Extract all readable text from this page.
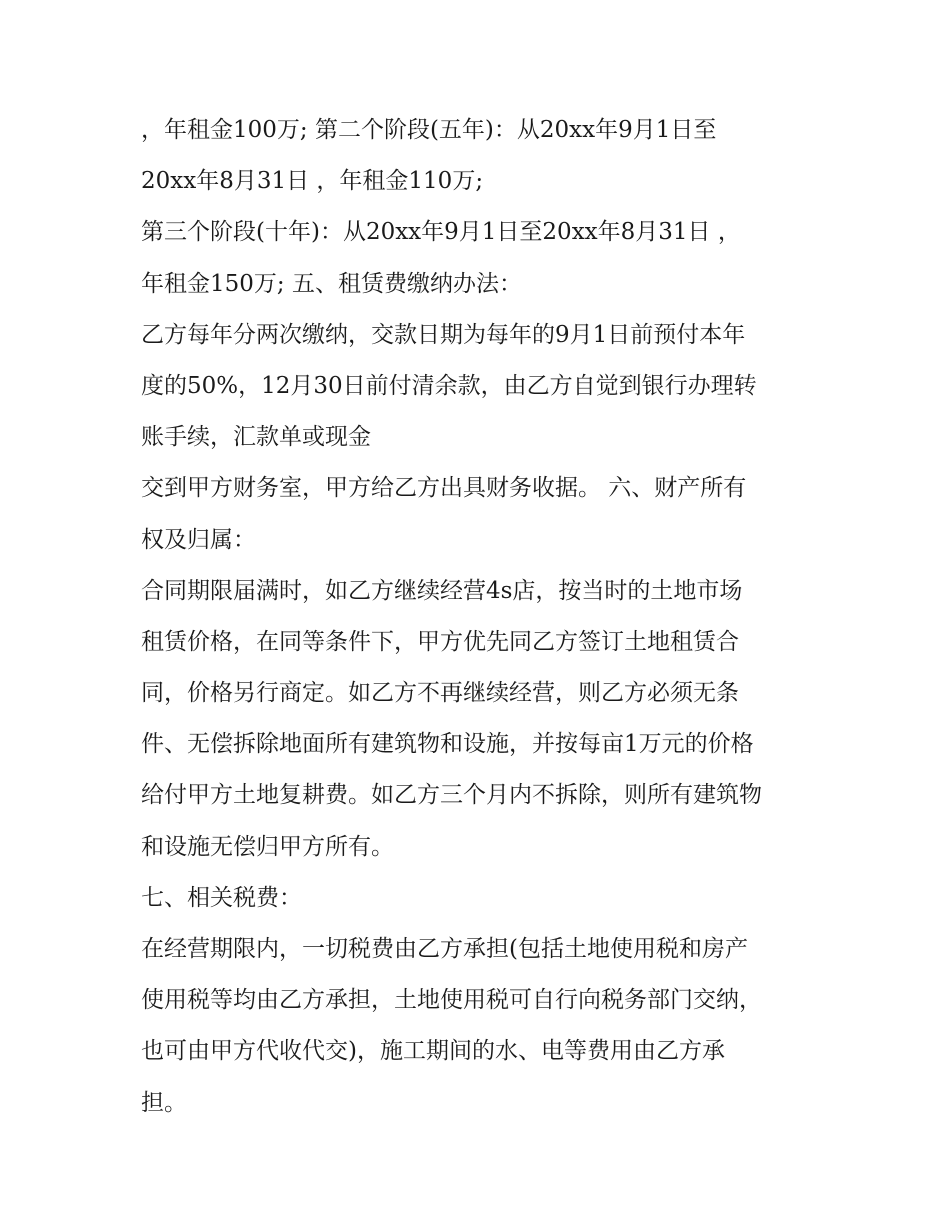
，年租金100万; 第二个阶段(五年)：从20xx年9月1日至
20xx年8月31日 ，年租金110万;
第三个阶段(十年)：从20xx年9月1日至20xx年8月31日 ，
年租金150万; 五、租赁费缴纳办法：
乙方每年分两次缴纳，交款日期为每年的9月1日前预付本年
度的50%，12月30日前付清余款，由乙方自觉到银行办理转
账手续，汇款单或现金
交到甲方财务室，甲方给乙方出具财务收据。 六、财产所有
权及归属：
合同期限届满时，如乙方继续经营4s店，按当时的土地市场
租赁价格，在同等条件下，甲方优先同乙方签订土地租赁合
同，价格另行商定。如乙方不再继续经营，则乙方必须无条
件、无偿拆除地面所有建筑物和设施，并按每亩1万元的价格
给付甲方土地复耕费。如乙方三个月内不拆除，则所有建筑物
和设施无偿归甲方所有。
七、相关税费：
在经营期限内，一切税费由乙方承担(包括土地使用税和房产
使用税等均由乙方承担，土地使用税可自行向税务部门交纳，
也可由甲方代收代交)，施工期间的水、电等费用由乙方承
担。
